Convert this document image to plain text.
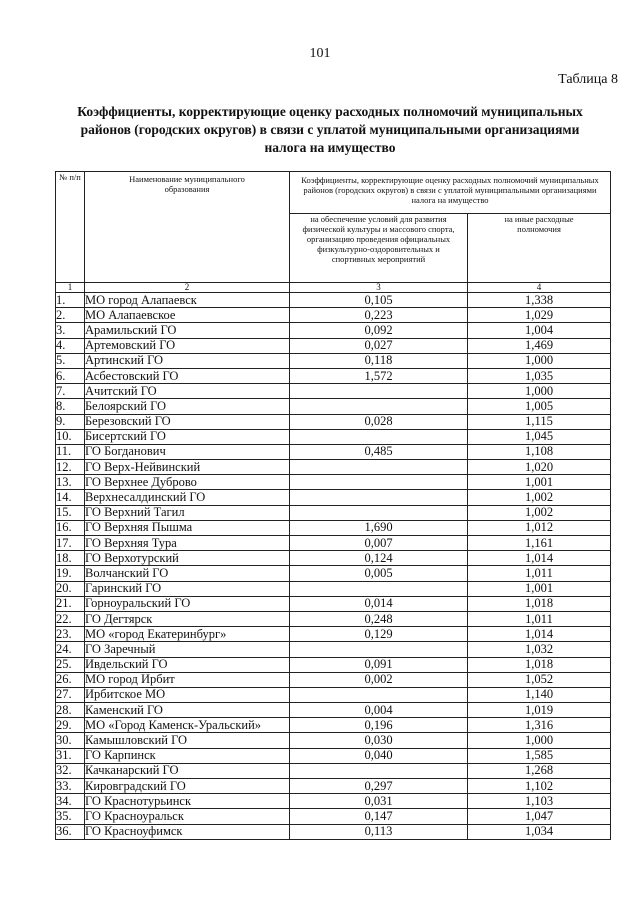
101
Таблица 8
Коэффициенты, корректирующие оценку расходных полномочий муниципальных районов (городских округов) в связи с уплатой муниципальными организациями налога на имущество
№ п/п	Наименование муниципального образования	Коэффициенты, корректирующие оценку расходных полномочий муниципальных районов (городских округов) в связи с уплатой муниципальными организациями налога на имущество	
		на обеспечение условий для развития физической культуры и массового спорта, организацию проведения официальных физкультурно-оздоровительных и спортивных мероприятий	на иные расходные полномочия
1	2	3	4
1.	МО город Алапаевск	0,105	1,338
2.	МО Алапаевское	0,223	1,029
3.	Арамильский ГО	0,092	1,004
4.	Артемовский ГО	0,027	1,469
5.	Артинский ГО	0,118	1,000
6.	Асбестовский ГО	1,572	1,035
7.	Ачитский ГО		1,000
8.	Белоярский ГО		1,005
9.	Березовский ГО	0,028	1,115
10.	Бисертский ГО		1,045
11.	ГО Богданович	0,485	1,108
12.	ГО Верх-Нейвинский		1,020
13.	ГО Верхнее Дуброво		1,001
14.	Верхнесалдинский ГО		1,002
15.	ГО Верхний Тагил		1,002
16.	ГО Верхняя Пышма	1,690	1,012
17.	ГО Верхняя Тура	0,007	1,161
18.	ГО Верхотурский	0,124	1,014
19.	Волчанский ГО	0,005	1,011
20.	Гаринский ГО		1,001
21.	Горноуральский ГО	0,014	1,018
22.	ГО Дегтярск	0,248	1,011
23.	МО «город Екатеринбург»	0,129	1,014
24.	ГО Заречный		1,032
25.	Ивдельский ГО	0,091	1,018
26.	МО город Ирбит	0,002	1,052
27.	Ирбитское МО		1,140
28.	Каменский ГО	0,004	1,019
29.	МО «Город Каменск-Уральский»	0,196	1,316
30.	Камышловский ГО	0,030	1,000
31.	ГО Карпинск	0,040	1,585
32.	Качканарский ГО		1,268
33.	Кировградский ГО	0,297	1,102
34.	ГО Краснотурьинск	0,031	1,103
35.	ГО Красноуральск	0,147	1,047
36.	ГО Красноуфимск	0,113	1,034
